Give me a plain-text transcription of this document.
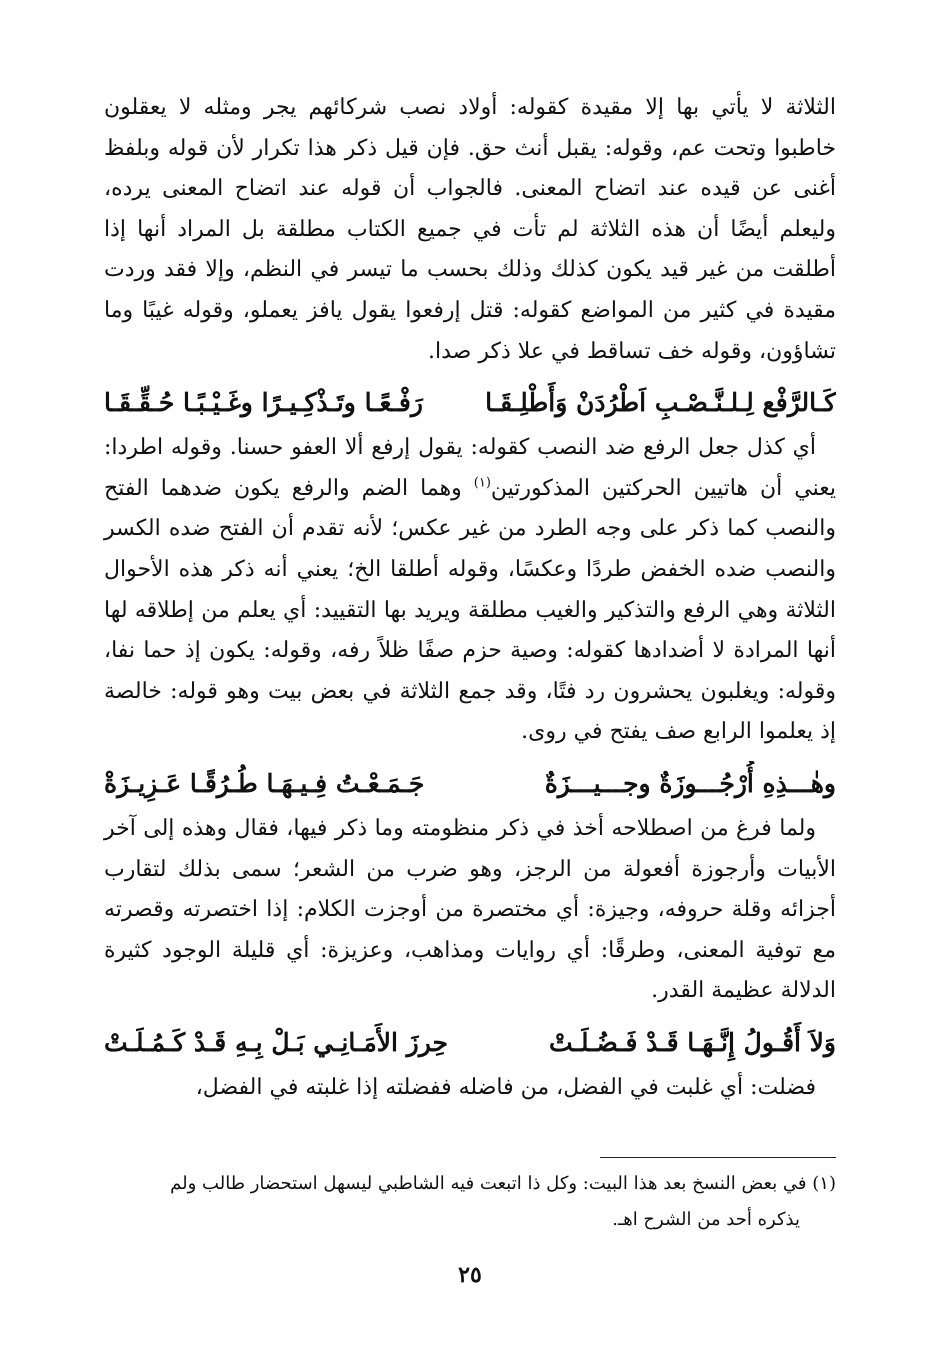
الثلاثة لا يأتي بها إلا مقيدة كقوله: أولاد نصب شركائهم يجر ومثله لا يعقلون خاطبوا وتحت عم، وقوله: يقبل أنث حق. فإن قيل ذكر هذا تكرار لأن قوله وبلفظ أغنى عن قيده عند اتضاح المعنى. فالجواب أن قوله عند اتضاح المعنى يرده، وليعلم أيضًا أن هذه الثلاثة لم تأت في جميع الكتاب مطلقة بل المراد أنها إذا أطلقت من غير قيد يكون كذلك وذلك بحسب ما تيسر في النظم، وإلا فقد وردت مقيدة في كثير من المواضع كقوله: قتل إرفعوا يقول يافز يعملو، وقوله غيبًا وما تشاؤون، وقوله خف تساقط في علا ذكر صدا.

كَـالرَّفْع لِـلـنَّـصْـبِ اَطْرُدَنْ وَأَطْلِـقَـا
رَفْـعًـا وتَـذْكِـيـرًا وغَـيْـبًـا حُـقِّـقَـا

أي كذل جعل الرفع ضد النصب كقوله: يقول إرفع ألا العفو حسنا. وقوله اطردا: يعني أن هاتيين الحركتين المذكورتين$^{(١)}$ وهما الضم والرفع يكون ضدهما الفتح والنصب كما ذكر على وجه الطرد من غير عكس؛ لأنه تقدم أن الفتح ضده الكسر والنصب ضده الخفض طردًا وعكسًا، وقوله أطلقا الخ؛ يعني أنه ذكر هذه الأحوال الثلاثة وهي الرفع والتذكير والغيب مطلقة ويريد بها التقييد: أي يعلم من إطلاقه لها أنها المرادة لا أضدادها كقوله: وصية حزم صفًا ظلاً رفه، وقوله: يكون إذ حما نفا، وقوله: ويغلبون يحشرون رد فتًا، وقد جمع الثلاثة في بعض بيت وهو قوله: خالصة إذ يعلموا الرابع صف يفتح في روى.

وهٰـــذِهِ أُرْجُـــوزَةٌ وجـــيـــزَةٌ
جَـمَـعْـتُ فِـيـهَـا طُـرُقًـا عَـزِيـزَةْ

ولما فرغ من اصطلاحه أخذ في ذكر منظومته وما ذكر فيها، فقال وهذه إلى آخر الأبيات وأرجوزة أفعولة من الرجز، وهو ضرب من الشعر؛ سمى بذلك لتقارب أجزائه وقلة حروفه، وجيزة: أي مختصرة من أوجزت الكلام: إذا اختصرته وقصرته مع توفية المعنى، وطرقًا: أي روايات ومذاهب، وعزيزة: أي قليلة الوجود كثيرة الدلالة عظيمة القدر.

وَلاَ أَقُـولُ إِنَّـهَـا قَـدْ فَـضُـلَـتْ
حِرزَ الأَمَـانِـي بَـلْ بِـهِ قَـدْ كَـمُـلَـتْ

فضلت: أي غلبت في الفضل، من فاضله ففضلته إذا غلبته في الفضل،

(١) في بعض النسخ بعد هذا البيت: وكل ذا اتبعت فيه الشاطبي ليسهل استحضار طالب ولم

يذكره أحد من الشرح اهـ.

٢٥
